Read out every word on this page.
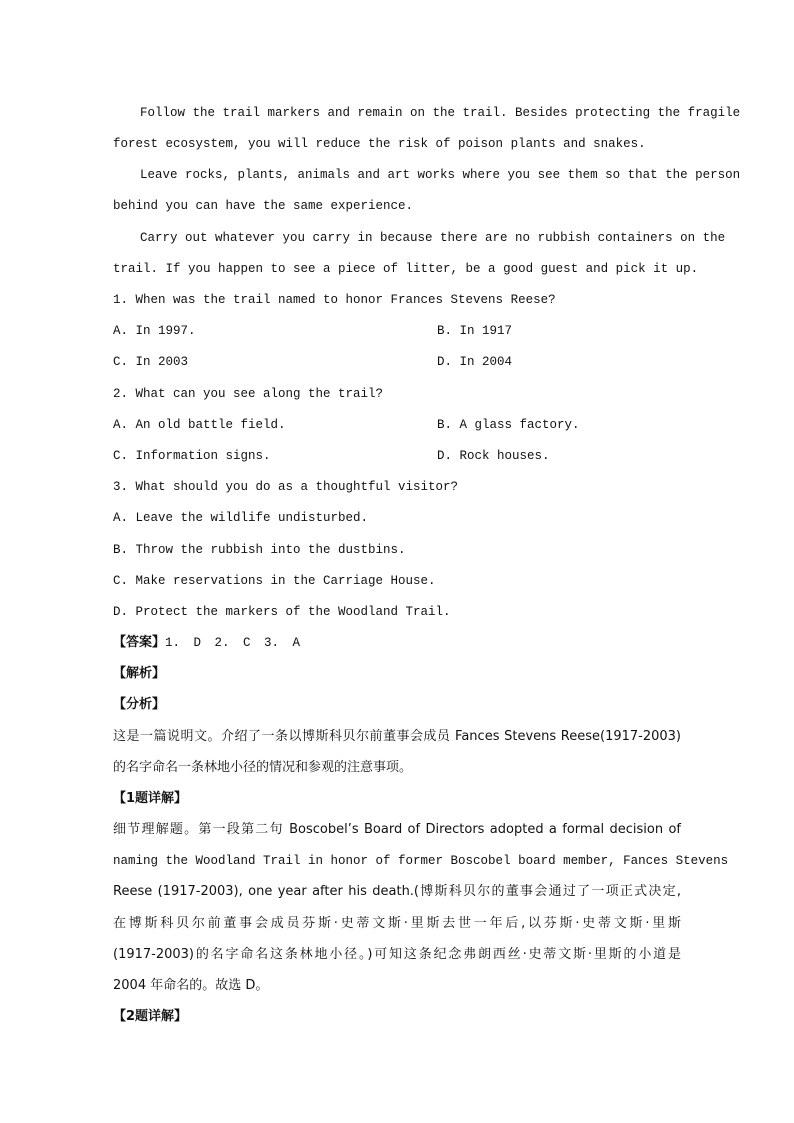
Follow the trail markers and remain on the trail. Besides protecting the fragile
forest ecosystem, you will reduce the risk of poison plants and snakes.
Leave rocks, plants, animals and art works where you see them so that the person
behind you can have the same experience.
Carry out whatever you carry in because there are no rubbish containers on the
trail. If you happen to see a piece of litter, be a good guest and pick it up.
1. When was the trail named to honor Frances Stevens Reese?
A. In 1997.	B. In 1917
C. In 2003	D. In 2004
2. What can you see along the trail?
A. An old battle field.	B. A glass factory.
C. Information signs.	D. Rock houses.
3. What should you do as a thoughtful visitor?
A. Leave the wildlife undisturbed.
B. Throw the rubbish into the dustbins.
C. Make reservations in the Carriage House.
D. Protect the markers of the Woodland Trail.
【答案】1. D 2. C 3. A
【解析】
【分析】
这是一篇说明文。介绍了一条以博斯科贝尔前董事会成员 Fances Stevens Reese(1917-2003)
的名字命名一条林地小径的情况和参观的注意事项。
【1题详解】
细节理解题。第一段第二句 Boscobel’s Board of Directors adopted a formal decision of
naming the Woodland Trail in honor of former Boscobel board member, Fances Stevens
Reese (1917-2003), one year after his death.(博斯科贝尔的董事会通过了一项正式决定,
在博斯科贝尔前董事会成员芬斯·史蒂文斯·里斯去世一年后,以芬斯·史蒂文斯·里斯
(1917-2003)的名字命名这条林地小径。)可知这条纪念弗朗西丝·史蒂文斯·里斯的小道是
2004 年命名的。故选 D。
【2题详解】
